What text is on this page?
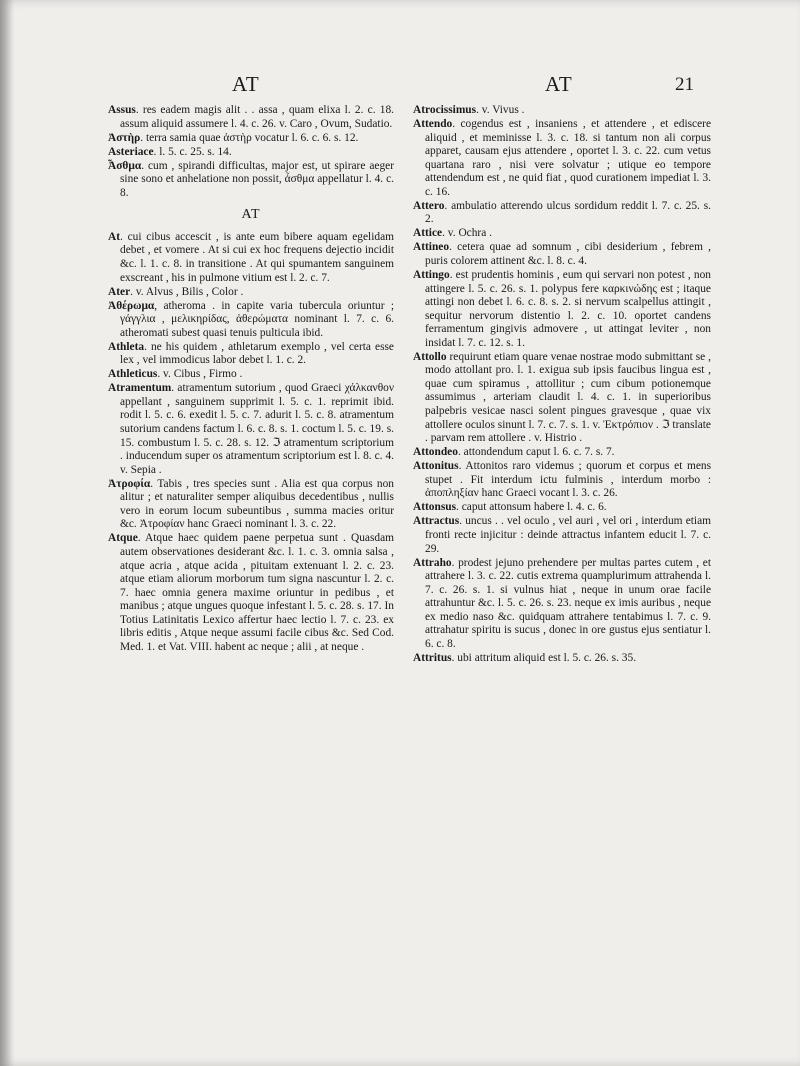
AT	AT	21
Assus. res eadem magis alit . . assa , quam elixa l. 2. c. 18. assum aliquid assumere l. 4. c. 26. v. Caro , Ovum, Sudatio.
Ἀστὴρ. terra samia quae ἀστὴρ vocatur l. 6. c. 6. s. 12.
Asteriace. l. 5. c. 25. s. 14.
Ἆσθμα. cum , spirandi difficultas, major est, ut spirare aeger sine sono et anhelatione non possit, ἆσθμα appellatur l. 4. c. 8.
AT
At. cui cibus accescit , is ante eum bibere aquam egelidam debet , et vomere . At si cui ex hoc frequens dejectio incidit &c. l. 1. c. 8. in transitione . At qui spumantem sanguinem exscreant , his in pulmone vitium est l. 2. c. 7.
Ater. v. Alvus , Bilis , Color .
Ἀθέρωμα, atheroma . in capite varia tubercula oriuntur ; γάγγλια , μελικηρίδας, ἀθερώματα nominant l. 7. c. 6. atheromati subest quasi tenuis pulticula ibid.
Athleta. ne his quidem , athletarum exemplo , vel certa esse lex , vel immodicus labor debet l. 1. c. 2.
Athleticus. v. Cibus , Firmo .
Atramentum. atramentum sutorium , quod Graeci χάλκανθον appellant , sanguinem supprimit l. 5. c. 1. reprimit ibid. rodit l. 5. c. 6. exedit l. 5. c. 7. adurit l. 5. c. 8. atramentum sutorium candens factum l. 6. c. 8. s. 1. coctum l. 5. c. 19. s. 15. combustum l. 5. c. 28. s. 12. ℑ atramentum scriptorium . inducendum super os atramentum scriptorium est l. 8. c. 4. v. Sepia .
Ἀτροφία. Tabis , tres species sunt . Alia est qua corpus non alitur ; et naturaliter semper aliquibus decedentibus , nullis vero in eorum locum subeuntibus , summa macies oritur &c. Ἀτροφίαν hanc Graeci nominant l. 3. c. 22.
Atque. Atque haec quidem paene perpetua sunt . Quasdam autem observationes desiderant &c. l. 1. c. 3. omnia salsa , atque acria , atque acida , pituitam extenuant l. 2. c. 23. atque etiam aliorum morborum tum signa nascuntur l. 2. c. 7. haec omnia genera maxime oriuntur in pedibus , et manibus ; atque ungues quoque infestant l. 5. c. 28. s. 17. In Totius Latinitatis Lexico affertur haec lectio l. 7. c. 23. ex libris editis , Atque neque assumi facile cibus &c. Sed Cod. Med. 1. et Vat. VIII. habent ac neque ; alii , at neque .
Atrocissimus. v. Vivus .
Attendo. cogendus est , insaniens , et attendere , et ediscere aliquid , et meminisse l. 3. c. 18. si tantum non ali corpus apparet, causam ejus attendere , oportet l. 3. c. 22. cum vetus quartana raro , nisi vere solvatur ; utique eo tempore attendendum est , ne quid fiat , quod curationem impediat l. 3. c. 16.
Attero. ambulatio atterendo ulcus sordidum reddit l. 7. c. 25. s. 2.
Attice. v. Ochra .
Attineo. cetera quae ad somnum , cibi desiderium , febrem , puris colorem attinent &c. l. 8. c. 4.
Attingo. est prudentis hominis , eum qui servari non potest , non attingere l. 5. c. 26. s. 1. polypus fere καρκινώδης est ; itaque attingi non debet l. 6. c. 8. s. 2. si nervum scalpellus attingit , sequitur nervorum distentio l. 2. c. 10. oportet candens ferramentum gingivis admovere , ut attingat leviter , non insidat l. 7. c. 12. s. 1.
Attollo requirunt etiam quare venae nostrae modo submittant se , modo attollant pro. l. 1. exigua sub ipsis faucibus lingua est , quae cum spiramus , attollitur ; cum cibum potionemque assumimus , arteriam claudit l. 4. c. 1. in superioribus palpebris vesicae nasci solent pingues gravesque , quae vix attollere oculos sinunt l. 7. c. 7. s. 1. v. Ἐκτρόπιον . ℑ translate . parvam rem attollere . v. Histrio .
Attondeo. attondendum caput l. 6. c. 7. s. 7.
Attonitus. Attonitos raro videmus ; quorum et corpus et mens stupet . Fit interdum ictu fulminis , interdum morbo : ἀποπληξίαν hanc Graeci vocant l. 3. c. 26.
Attonsus. caput attonsum habere l. 4. c. 6.
Attractus. uncus . . vel oculo , vel auri , vel ori , interdum etiam fronti recte injicitur : deinde attractus infantem educit l. 7. c. 29.
Attraho. prodest jejuno prehendere per multas partes cutem , et attrahere l. 3. c. 22. cutis extrema quamplurimum attrahenda l. 7. c. 26. s. 1. si vulnus hiat , neque in unum orae facile attrahuntur &c. l. 5. c. 26. s. 23. neque ex imis auribus , neque ex medio naso &c. quidquam attrahere tentabimus l. 7. c. 9. attrahatur spiritu is sucus , donec in ore gustus ejus sentiatur l. 6. c. 8.
Attritus. ubi attritum aliquid est l. 5. c. 26. s. 35.
